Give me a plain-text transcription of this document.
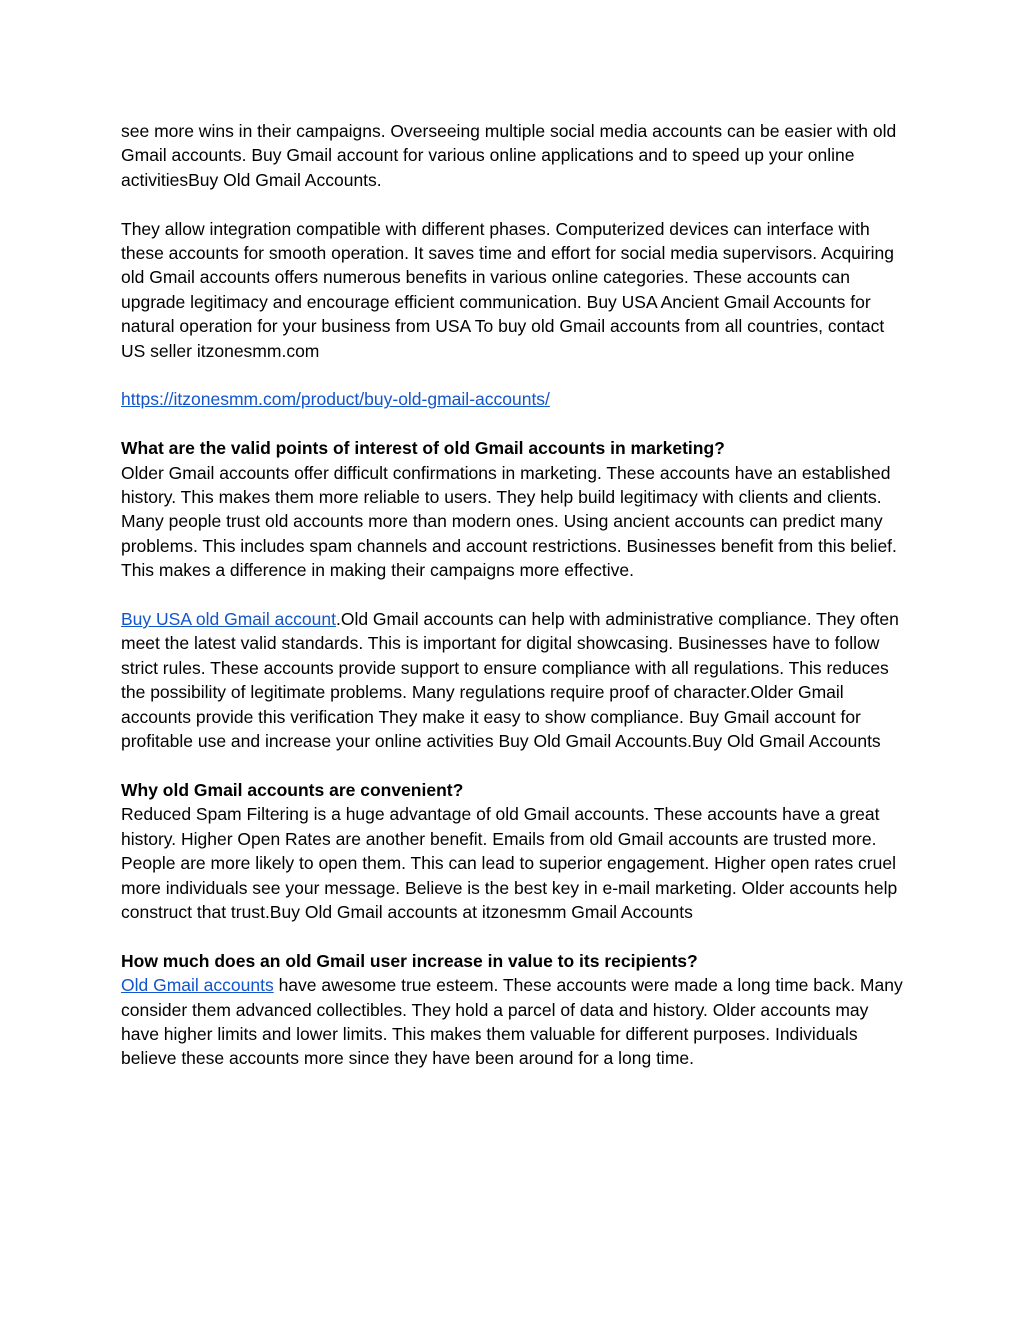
see more wins in their campaigns. Overseeing multiple social media accounts can be easier with old Gmail accounts. Buy Gmail account for various online applications and to speed up your online activitiesBuy Old Gmail Accounts.

They allow integration compatible with different phases. Computerized devices can interface with these accounts for smooth operation. It saves time and effort for social media supervisors. Acquiring old Gmail accounts offers numerous benefits in various online categories. These accounts can upgrade legitimacy and encourage efficient communication. Buy USA Ancient Gmail Accounts for natural operation for your business from USA To buy old Gmail accounts from all countries, contact US seller itzonesmm.com

https://itzonesmm.com/product/buy-old-gmail-accounts/

What are the valid points of interest of old Gmail accounts in marketing?
Older Gmail accounts offer difficult confirmations in marketing. These accounts have an established history. This makes them more reliable to users. They help build legitimacy with clients and clients. Many people trust old accounts more than modern ones. Using ancient accounts can predict many problems. This includes spam channels and account restrictions. Businesses benefit from this belief. This makes a difference in making their campaigns more effective.

Buy USA old Gmail account.Old Gmail accounts can help with administrative compliance. They often meet the latest valid standards. This is important for digital showcasing. Businesses have to follow strict rules. These accounts provide support to ensure compliance with all regulations. This reduces the possibility of legitimate problems. Many regulations require proof of character.Older Gmail accounts provide this verification They make it easy to show compliance. Buy Gmail account for profitable use and increase your online activities Buy Old Gmail Accounts.Buy Old Gmail Accounts

Why old Gmail accounts are convenient?
Reduced Spam Filtering is a huge advantage of old Gmail accounts. These accounts have a great history. Higher Open Rates are another benefit. Emails from old Gmail accounts are trusted more. People are more likely to open them. This can lead to superior engagement. Higher open rates cruel more individuals see your message. Believe is the best key in e-mail marketing. Older accounts help construct that trust.Buy Old Gmail accounts at itzonesmm Gmail Accounts

How much does an old Gmail user increase in value to its recipients?
Old Gmail accounts have awesome true esteem. These accounts were made a long time back. Many consider them advanced collectibles. They hold a parcel of data and history. Older accounts may have higher limits and lower limits. This makes them valuable for different purposes. Individuals believe these accounts more since they have been around for a long time.
